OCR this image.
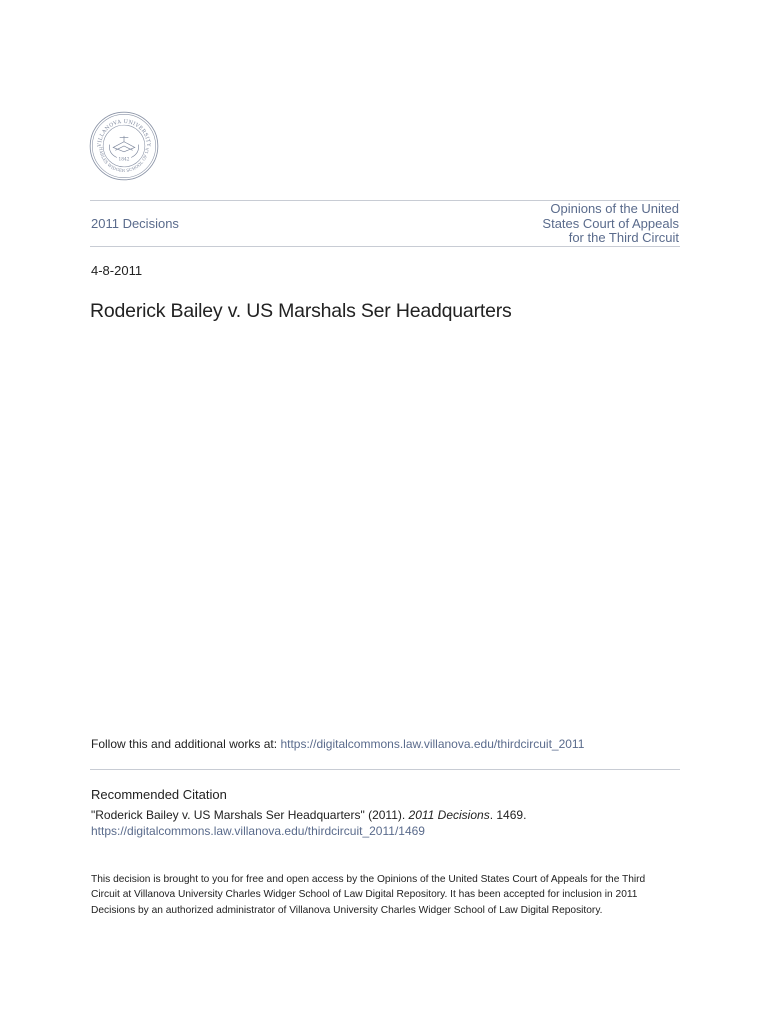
VILLANOVA UNIVERSITY
HARLES WIDGER SCHOOL OF LA
1842
2011 Decisions
Opinions of the United
States Court of Appeals
for the Third Circuit
4-8-2011
Roderick Bailey v. US Marshals Ser Headquarters
Follow this and additional works at: https://digitalcommons.law.villanova.edu/thirdcircuit_2011
Recommended Citation
"Roderick Bailey v. US Marshals Ser Headquarters" (2011). 2011 Decisions. 1469.
https://digitalcommons.law.villanova.edu/thirdcircuit_2011/1469

This decision is brought to you for free and open access by the Opinions of the United States Court of Appeals for the Third Circuit at Villanova University Charles Widger School of Law Digital Repository. It has been accepted for inclusion in 2011 Decisions by an authorized administrator of Villanova University Charles Widger School of Law Digital Repository.
